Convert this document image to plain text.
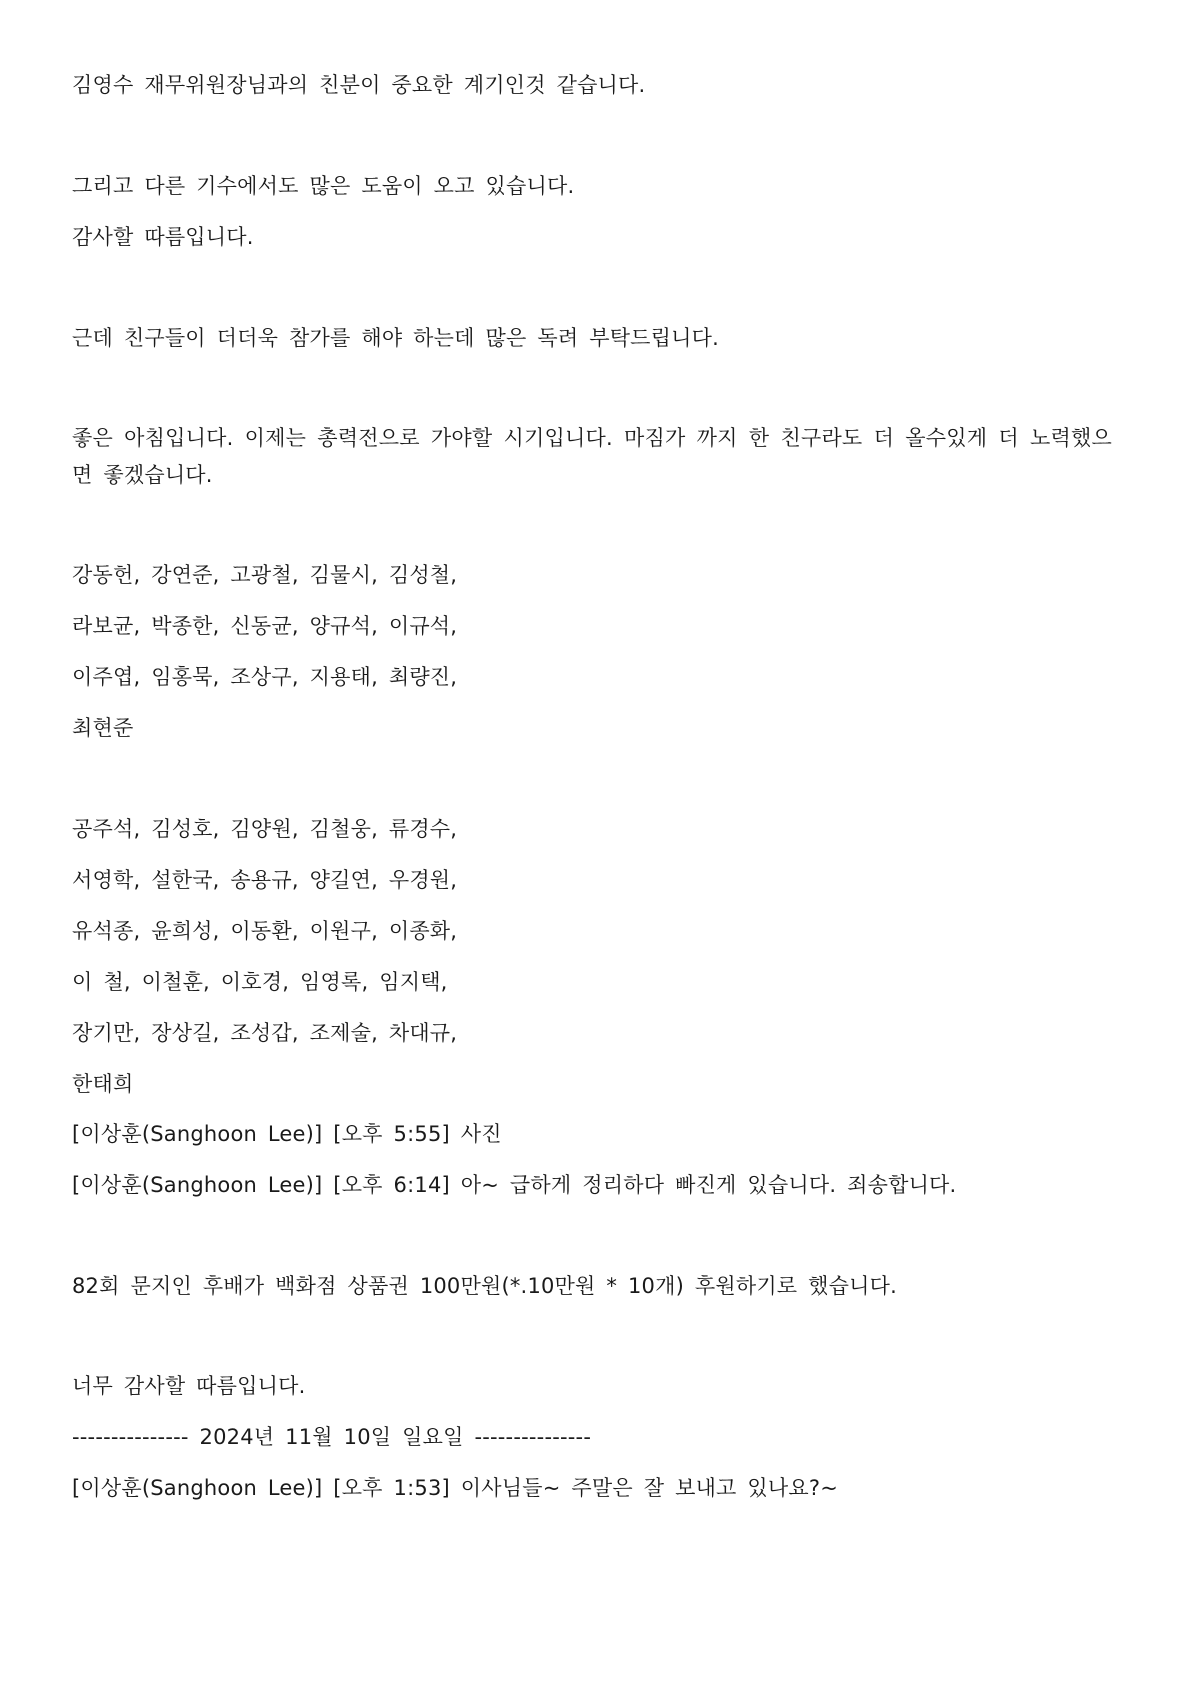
김영수 재무위원장님과의 친분이 중요한 계기인것 같습니다.
그리고 다른 기수에서도 많은 도움이 오고 있습니다.
감사할 따름입니다.
근데 친구들이 더더욱 참가를 해야 하는데 많은 독려 부탁드립니다.
좋은 아침입니다. 이제는 총력전으로 가야할 시기입니다. 마짐가 까지 한 친구라도 더 올수있게 더 노력했으면 좋겠습니다.
강동헌, 강연준, 고광철, 김물시, 김성철,
라보균, 박종한, 신동균, 양규석, 이규석,
이주엽, 임홍묵, 조상구, 지용태, 최량진,
최현준
공주석, 김성호, 김양원, 김철웅, 류경수,
서영학, 설한국, 송용규, 양길연, 우경원,
유석종, 윤희성, 이동환, 이원구, 이종화,
이 철, 이철훈, 이호경, 임영록, 임지택,
장기만, 장상길, 조성갑, 조제술, 차대규,
한태희
[이상훈(Sanghoon Lee)] [오후 5:55] 사진
[이상훈(Sanghoon Lee)] [오후 6:14] 아~ 급하게 정리하다 빠진게 있습니다. 죄송합니다.
82회 문지인 후배가 백화점 상품권 100만원(*.10만원 * 10개) 후원하기로 했습니다.
너무 감사할 따름입니다.
--------------- 2024년 11월 10일 일요일 ---------------
[이상훈(Sanghoon Lee)] [오후 1:53] 이사님들~ 주말은 잘 보내고 있나요?~
